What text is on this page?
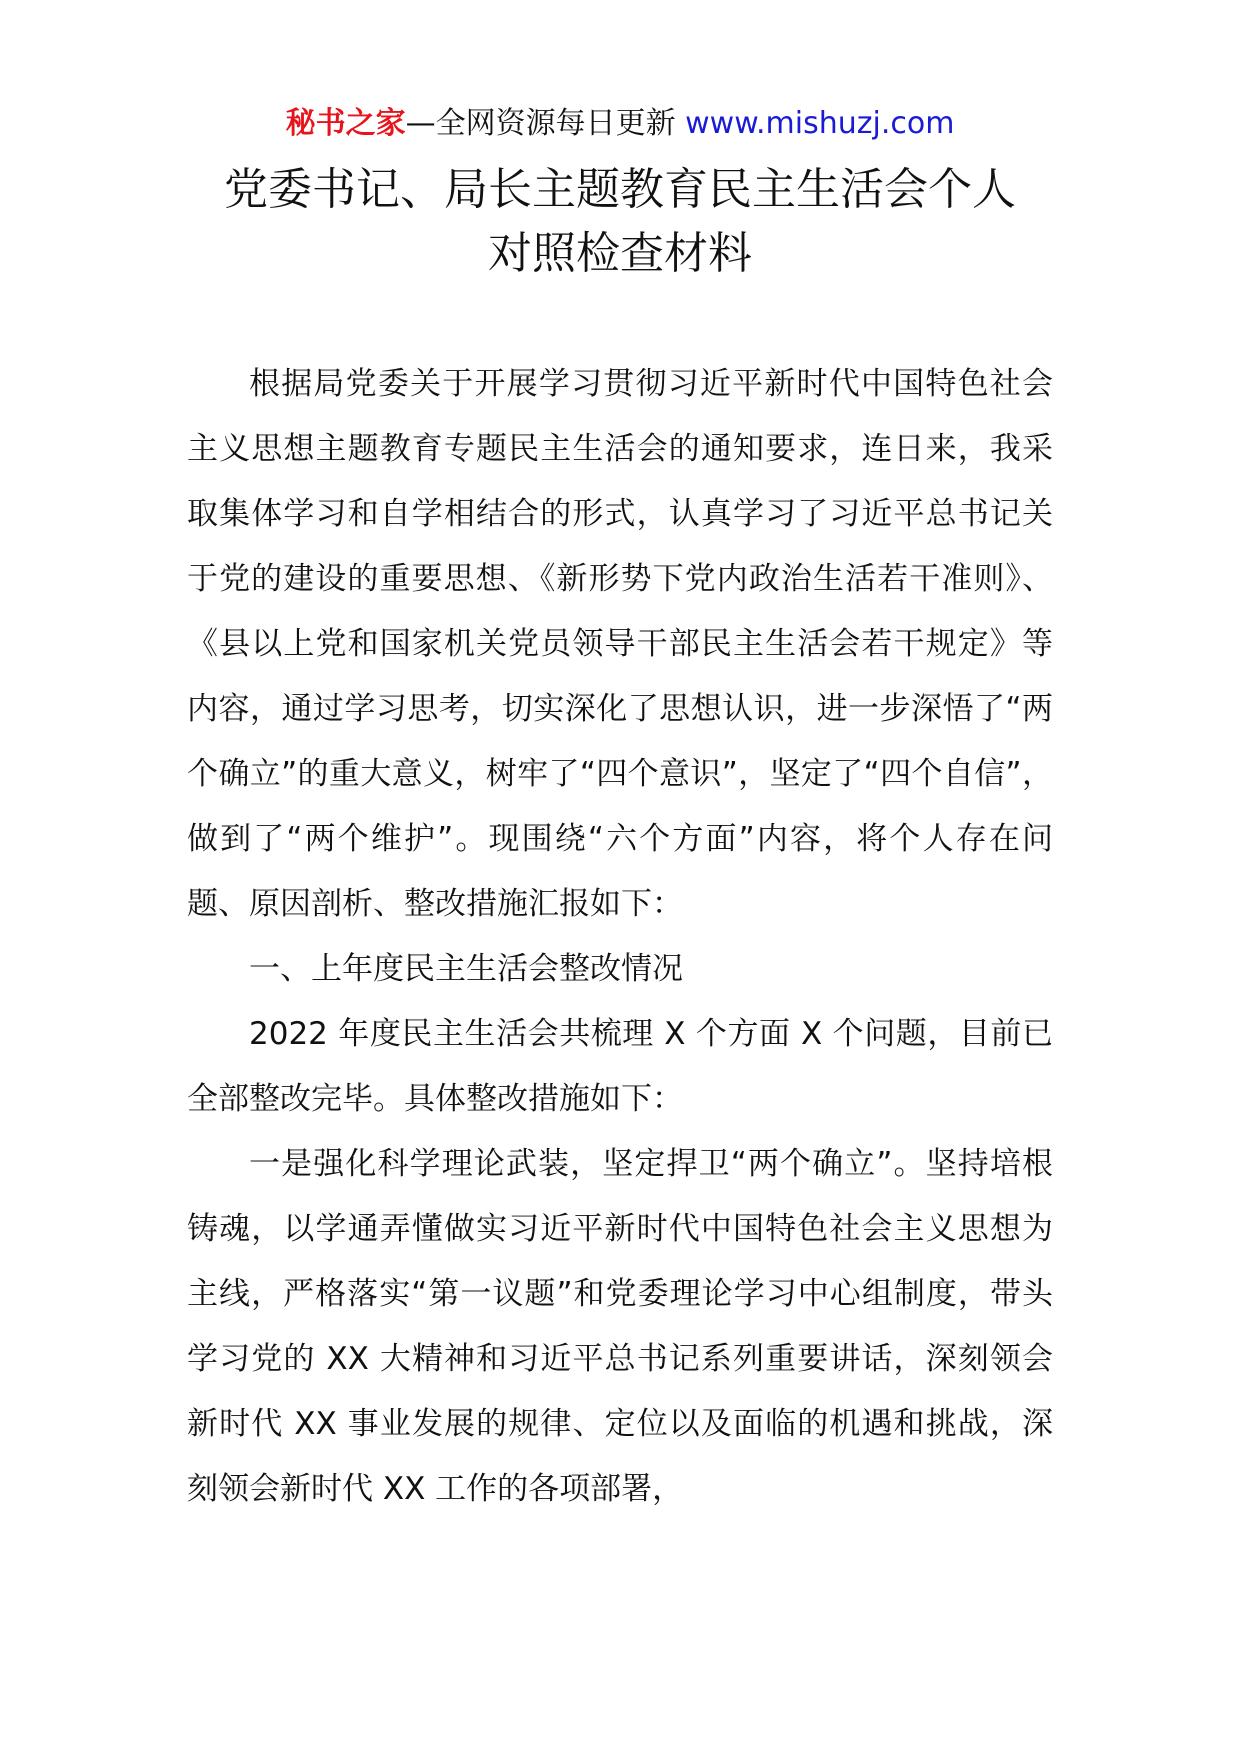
秘书之家—全网资源每日更新 www.mishuzj.com
党委书记、局长主题教育民主生活会个人
对照检查材料

根据局党委关于开展学习贯彻习近平新时代中国特色社会主义思想主题教育专题民主生活会的通知要求，连日来，我采取集体学习和自学相结合的形式，认真学习了习近平总书记关于党的建设的重要思想、《新形势下党内政治生活若干准则》、《县以上党和国家机关党员领导干部民主生活会若干规定》等内容，通过学习思考，切实深化了思想认识，进一步深悟了“两个确立”的重大意义，树牢了“四个意识”，坚定了“四个自信”，做到了“两个维护”。现围绕“六个方面”内容，将个人存在问题、原因剖析、整改措施汇报如下：

一、上年度民主生活会整改情况

2022 年度民主生活会共梳理 X 个方面 X 个问题，目前已全部整改完毕。具体整改措施如下：

一是强化科学理论武装，坚定捍卫“两个确立”。坚持培根铸魂，以学通弄懂做实习近平新时代中国特色社会主义思想为主线，严格落实“第一议题”和党委理论学习中心组制度，带头学习党的 XX 大精神和习近平总书记系列重要讲话，深刻领会新时代 XX 事业发展的规律、定位以及面临的机遇和挑战，深刻领会新时代 XX 工作的各项部署，
